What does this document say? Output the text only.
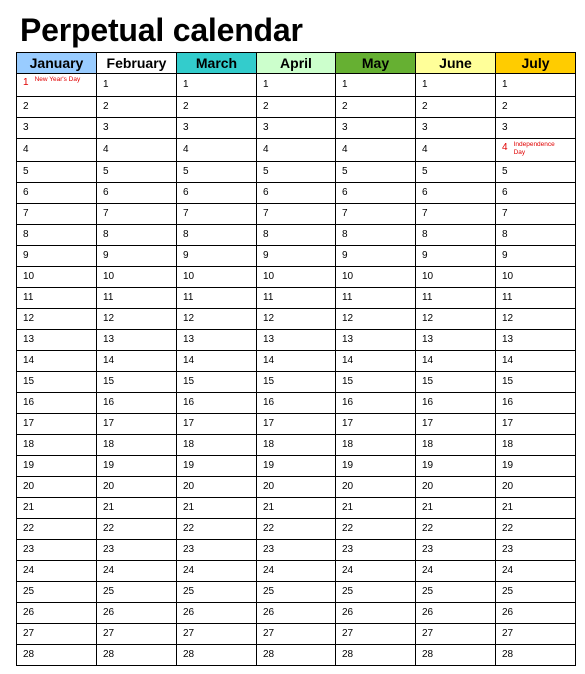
Perpetual calendar
January	February	March	April	May	June	July
1 New Year's Day	1	1	1	1	1	1
2	2	2	2	2	2	2
3	3	3	3	3	3	3
4	4	4	4	4	4	4 Independence Day
5	5	5	5	5	5	5
6	6	6	6	6	6	6
7	7	7	7	7	7	7
8	8	8	8	8	8	8
9	9	9	9	9	9	9
10	10	10	10	10	10	10
11	11	11	11	11	11	11
12	12	12	12	12	12	12
13	13	13	13	13	13	13
14	14	14	14	14	14	14
15	15	15	15	15	15	15
16	16	16	16	16	16	16
17	17	17	17	17	17	17
18	18	18	18	18	18	18
19	19	19	19	19	19	19
20	20	20	20	20	20	20
21	21	21	21	21	21	21
22	22	22	22	22	22	22
23	23	23	23	23	23	23
24	24	24	24	24	24	24
25	25	25	25	25	25	25
26	26	26	26	26	26	26
27	27	27	27	27	27	27
28	28	28	28	28	28	28
